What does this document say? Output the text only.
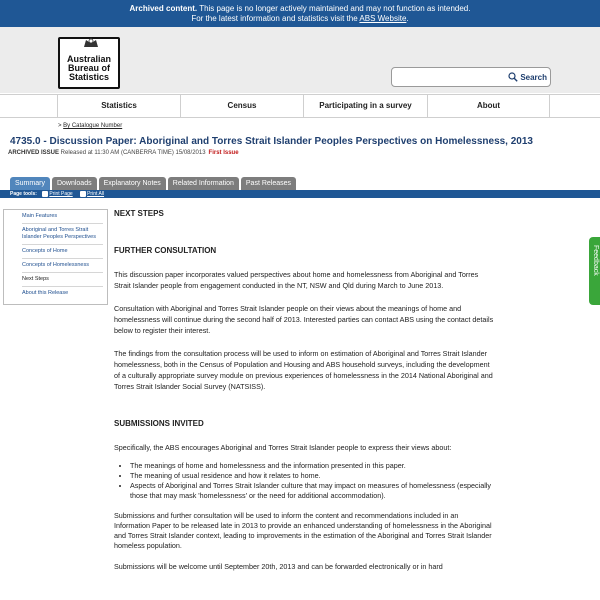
Archived content. This page is no longer actively maintained and may not function as intended.
For the latest information and statistics visit the ABS Website.
Australian
Bureau of
Statistics	Search
Statistics	Census	Participating in a survey	About
> By Catalogue Number
4735.0 - Discussion Paper: Aboriginal and Torres Strait Islander Peoples Perspectives on Homelessness, 2013
ARCHIVED ISSUE Released at 11:30 AM (CANBERRA TIME) 15/08/2013 First Issue
Summary	Downloads	Explanatory Notes	Related Information	Past Releases
Page tools: Print Page	Print All
Main Features
Aboriginal and Torres Strait Islander Peoples Perspectives
Concepts of Home
Concepts of Homelessness
Next Steps
About this Release
NEXT STEPS
FURTHER CONSULTATION

This discussion paper incorporates valued perspectives about home and homelessness from Aboriginal and Torres Strait Islander people from engagement conducted in the NT, NSW and Qld during March to June 2013.

Consultation with Aboriginal and Torres Strait Islander people on their views about the meanings of home and homelessness will continue during the second half of 2013. Interested parties can contact ABS using the contact details below to register their interest.

The findings from the consultation process will be used to inform on estimation of Aboriginal and Torres Strait Islander homelessness, both in the Census of Population and Housing and ABS household surveys, including the development of a culturally appropriate survey module on previous experiences of homelessness in the 2014 National Aboriginal and Torres Strait Islander Social Survey (NATSISS).

SUBMISSIONS INVITED

Specifically, the ABS encourages Aboriginal and Torres Strait Islander people to express their views about:

• The meanings of home and homelessness and the information presented in this paper.
• The meaning of usual residence and how it relates to home.
• Aspects of Aboriginal and Torres Strait Islander culture that may impact on measures of homelessness (especially those that may mask 'homelessness' or the need for additional accommodation).

Submissions and further consultation will be used to inform the content and recommendations included in an Information Paper to be released late in 2013 to provide an enhanced understanding of homelessness in the Aboriginal and Torres Strait Islander context, leading to improvements in the estimation of the Aboriginal and Torres Strait Islander homeless population.

Submissions will be welcome until September 20th, 2013 and can be forwarded electronically or in hard

Feedback
